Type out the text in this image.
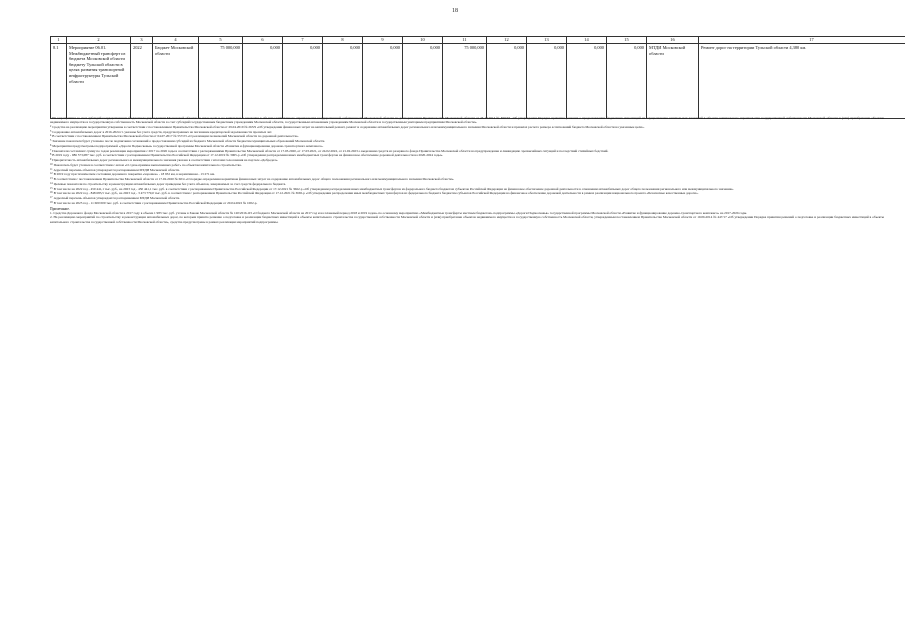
18
1	2	3	4	5	6	7	8	9	10	11	12	13	14	15	16	17
8.1	Мероприятие 06.01. Межбюджетный трансферт из бюджета Московской области бюджету Тульской области в целях развития транспортной инфраструктуры Тульской области	2022	Бюджет Московской области	75 000,000	0,000	0,000	0,000	0,000	0,000	75 000,000	0,000	0,000	0,000	0,000	МТДИ Московской области	Ремонт дорог на территории Тульской области 4,380 км.
$^1$На мероприятия за счет субсидий государственным бюджетным учреждениям Московской области на иные цели и на капитальные вложения в объекты капитального строительства государственной собственности Московской области по распоряжениям Правительства Московской области от 25.12.2014 № 820/57 «Об утверждении Порядка принятия решения о предоставлении бюджетных инвестиций на осуществление капитальных вложений в объекты капитального строительства государственной собственности Московской области и (или) приобретение объектов недвижимого имущества в государственную собственность Московской области за счет субсидий государственным бюджетным учреждениям Московской области, государственным автономным учреждениям Московской области и государственным унитарным предприятиям Московской области».
$^2$Средства на реализацию мероприятия утвержены в соответствии с постановлением Правительства Московской области от 29.04.2019 № 263/9 «Об утверждении финансовых затрат на капитальный ремонт, ремонт и содержание автомобильных дорог регионального или межмуниципального значения Московской области и правилах расчета размера ассигнований бюджета Московской области на указанные цели».
$^3$Содержание автомобильных дорог в 2016-2024 гг. указаны без учета средств, предусмотренных на погашение кредиторской задолженности прошлых лет.
$^4$В соответствии с постановлением Правительства Московской области от 04.07.2017 № 557/23 «О реализации полномочий Московской области по дорожной деятельности».
$^5$Значение показателя будет уточнено после подписания соглашений о предоставлении субсидий из бюджета Московской области бюджетам муниципальных образований Московской области.
$^6$Мероприятия предусмотрены подпрограммой «Дороги Подмосковья» государственной программы Московской области «Развитие и функционирование дорожно-транспортного комплекса».
$^7$Показатели составляют сумму по годам реализации мероприятия с 2017 по 2026 годы в соответствии с распоряжениями Правительства Московской области от 17.03.2020, от 17.03.2021, от 24.02.2022, от 21.02.2023 о выделении средств из резервного фонда Правительства Московской области на предупреждение и ликвидацию чрезвычайных ситуаций и последствий стихийных бедствий.
$^8$В 2019 году - 986 573,087 тыс. руб. в соответствии с распоряжением Правительства Российской Федерации от 17.12.2019 № 3065-р «Об утверждении распределения иных межбюджетных трансфертов на финансовое обеспечение дорожной деятельности на 2020-2024 годы».
$^9$Приоритетность автомобильных дорог регионального и межмуниципального значения указана в соответствии с итогами голосования на портале «Добродел».
$^{10}$Показатель будет уточнен в соответствии с актом «О сдаче-приемке выполненных работ» по объектам капитального строительства.
$^{11}$Адресный перечень объектов утверждается распоряжением МТДИ Московской области.
$^{12}$В 2019 году при техническом состоянии дорожного покрытия «хорошее» - 18 932 км, в нормативном - 13 271 км.
$^{13}$В соответствии с постановлением Правительства Московской области от 17.02.2020 № 60/4 «О порядке определения нормативов финансовых затрат на содержание автомобильных дорог общего пользования регионального или межмуниципального значения Московской области».
$^{14}$Целевые показатели по строительству и реконструкции автомобильных дорог приведены без учета объектов, завершаемых за счет средств федерального бюджета.
$^{15}$В том числе на 2022 год - 450 441,1 тыс. руб., на 2023 год - 450 441,1 тыс. руб. в соответствии с распоряжением Правительства Российской Федерации от 17.12.2021 № 3662-р «Об утверждении распределения иных межбюджетных трансфертов из федерального бюджета бюджетам субъектов Российской Федерации на финансовое обеспечение дорожной деятельности в отношении автомобильных дорог общего пользования регионального или межмуниципального значения».
$^{16}$В том числе на 2022 год - 848 683,5 тыс. руб., на 2023 год - 3 473 779,0 тыс. руб. в соответствии с распоряжением Правительства Российской Федерации от 17.12.2021 № 3665-р «Об утверждении распределения иных межбюджетных трансфертов из федерального бюджета бюджетам субъектов Российской Федерации на финансовое обеспечение дорожной деятельности в рамках реализации национального проекта «Безопасные качественные дороги».
$^{17}$Адресный перечень объектов утверждается распоряжением МТДИ Московской области.
$^{18}$В том числе на 2025 год - 11 600 000 тыс. руб. в соответствии с распоряжением Правительства Российской Федерации от 20.04.2022 № 1002-р.
Примечание.
1. Средства Дорожного фонда Московской области в 2017 году в объеме 1 983 тыс. руб. учтены в Законе Московской области № 120/2016-ОЗ «О бюджете Московской области на 2017 год и на плановый период 2018 и 2019 годов» по основному мероприятию «Межбюджетные трансферты местным бюджетам» подпрограммы «Дороги Подмосковья» государственной программы Московской области «Развитие и функционирование дорожно-транспортного комплекса» на 2017-2026 годы.
2. На реализацию мероприятий по строительству и реконструкции автомобильных дорог, по которым принято решение о подготовке и реализации бюджетных инвестиций в объекты капитального строительства государственной собственности Московской области и (или) приобретение объектов недвижимого имущества в государственную собственность Московской области, утвержденным постановлением Правительства Московской области от 10.06.2014 № 447/17 «Об утверждении Порядка принятия решений о подготовке и реализации бюджетных инвестиций в объекты капитального строительства государственной собственности Московской области», средства предусмотрены в рамках реализации мероприятий подпрограммы.
